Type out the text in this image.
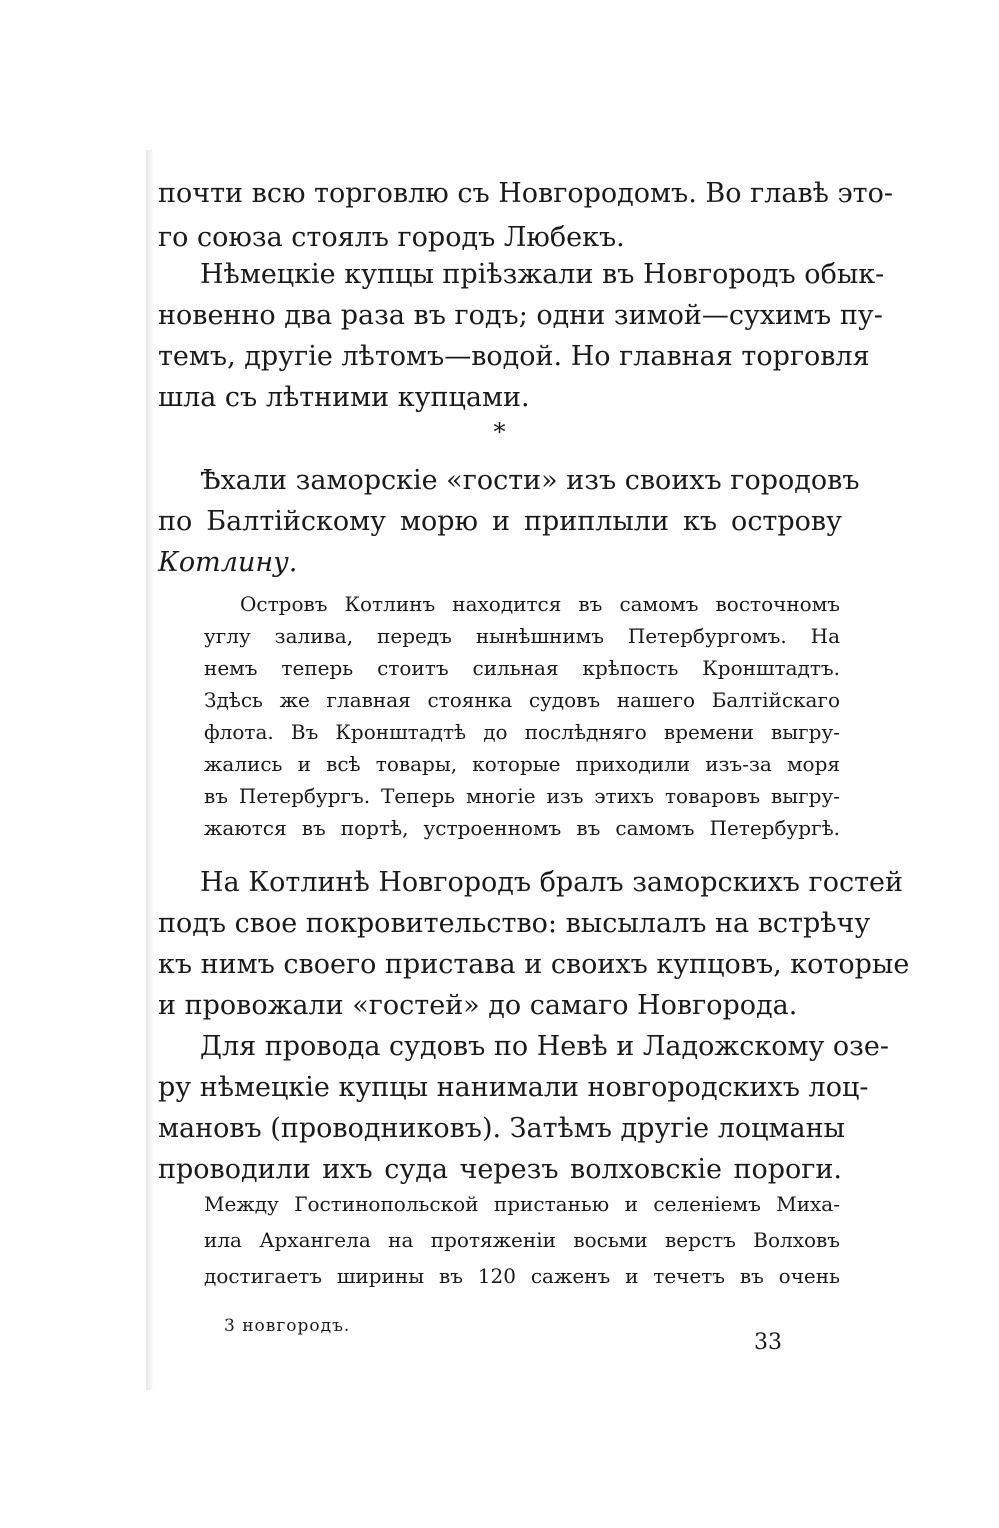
почти всю торговлю съ Новгородомъ. Во главѣ это-
го союза стоялъ городъ Любекъ.
Нѣмецкіе купцы пріѣзжали въ Новгородъ обык-
новенно два раза въ годъ; одни зимой—сухимъ пу-
темъ, другіе лѣтомъ—водой. Но главная торговля
шла съ лѣтними купцами.
*
Ѣхали заморскіе «гости» изъ своихъ городовъ
по Балтійскому морю и приплыли къ острову
Котлину.
Островъ Котлинъ находится въ самомъ восточномъ
углу залива, передъ нынѣшнимъ Петербургомъ. На
немъ теперь стоитъ сильная крѣпость Кронштадтъ.
Здѣсь же главная стоянка судовъ нашего Балтійскаго
флота. Въ Кронштадтѣ до послѣдняго времени выгру-
жались и всѣ товары, которые приходили изъ-за моря
въ Петербургъ. Теперь многіе изъ этихъ товаровъ выгру-
жаются въ портѣ, устроенномъ въ самомъ Петербургѣ.
На Котлинѣ Новгородъ бралъ заморскихъ гостей
подъ свое покровительство: высылалъ на встрѣчу
къ нимъ своего пристава и своихъ купцовъ, которые
и провожали «гостей» до самаго Новгорода.
Для провода судовъ по Невѣ и Ладожскому озе-
ру нѣмецкіе купцы нанимали новгородскихъ лоц-
мановъ (проводниковъ). Затѣмъ другіе лоцманы
проводили ихъ суда черезъ волховскіе пороги.
Между Гостинопольской пристанью и селеніемъ Миха-
ила Архангела на протяженіи восьми верстъ Волховъ
достигаетъ ширины въ 120 саженъ и течетъ въ очень
3 новгородъ.
33
